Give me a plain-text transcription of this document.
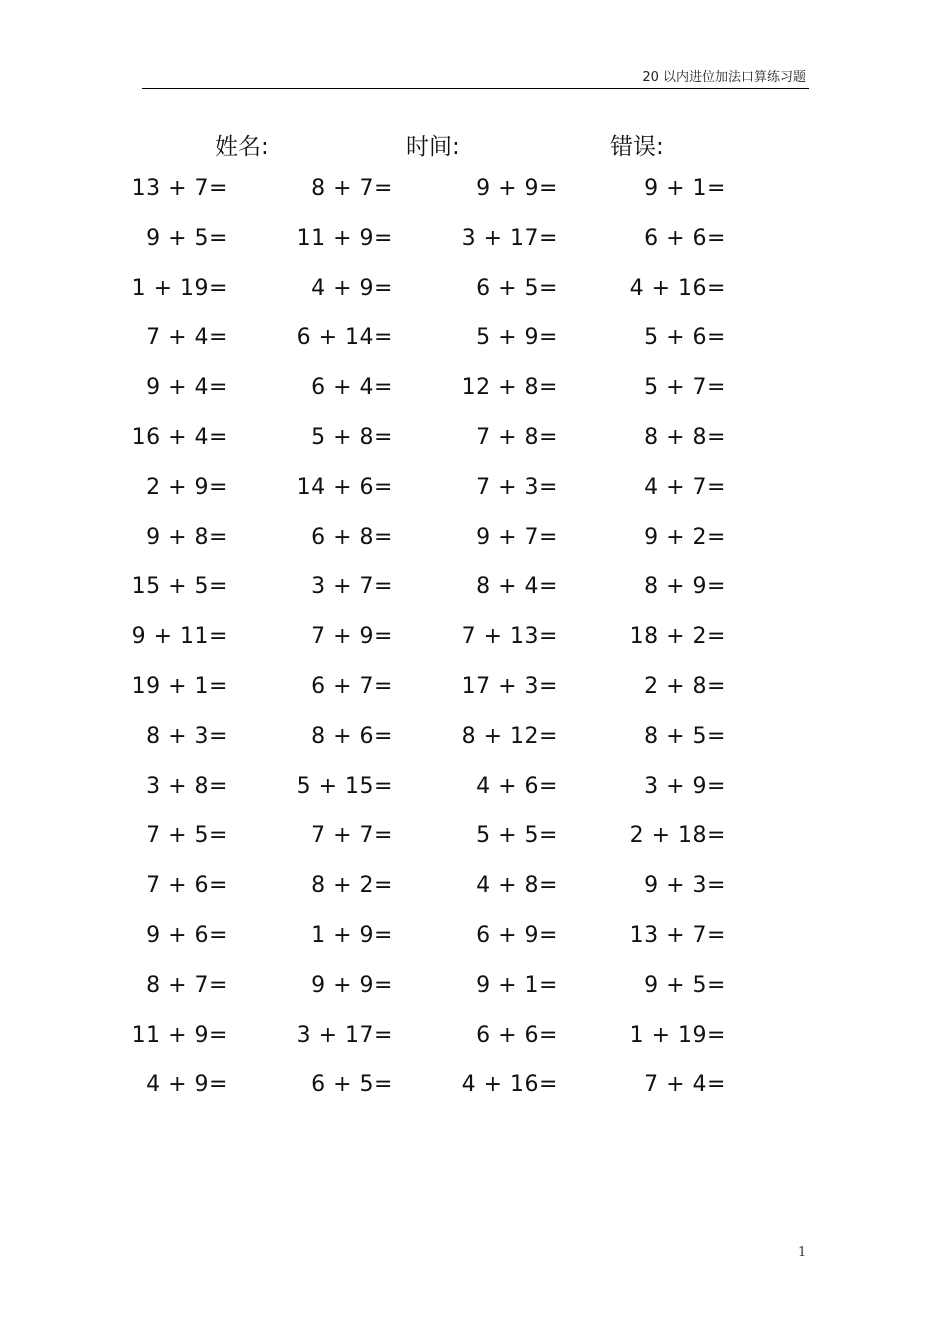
20 以内进位加法口算练习题
姓名:	时间:	错误:
13 + 7=
9 + 5=
1 + 19=
7 + 4=
9 + 4=
16 + 4=
2 + 9=
9 + 8=
15 + 5=
9 + 11=
19 + 1=
8 + 3=
3 + 8=
7 + 5=
7 + 6=
9 + 6=
8 + 7=
11 + 9=
4 + 9=
8 + 7=
11 + 9=
4 + 9=
6 + 14=
6 + 4=
5 + 8=
14 + 6=
6 + 8=
3 + 7=
7 + 9=
6 + 7=
8 + 6=
5 + 15=
7 + 7=
8 + 2=
1 + 9=
9 + 9=
3 + 17=
6 + 5=
9 + 9=
3 + 17=
6 + 5=
5 + 9=
12 + 8=
7 + 8=
7 + 3=
9 + 7=
8 + 4=
7 + 13=
17 + 3=
8 + 12=
4 + 6=
5 + 5=
4 + 8=
6 + 9=
9 + 1=
6 + 6=
4 + 16=
9 + 1=
6 + 6=
4 + 16=
5 + 6=
5 + 7=
8 + 8=
4 + 7=
9 + 2=
8 + 9=
18 + 2=
2 + 8=
8 + 5=
3 + 9=
2 + 18=
9 + 3=
13 + 7=
9 + 5=
1 + 19=
7 + 4=
1
